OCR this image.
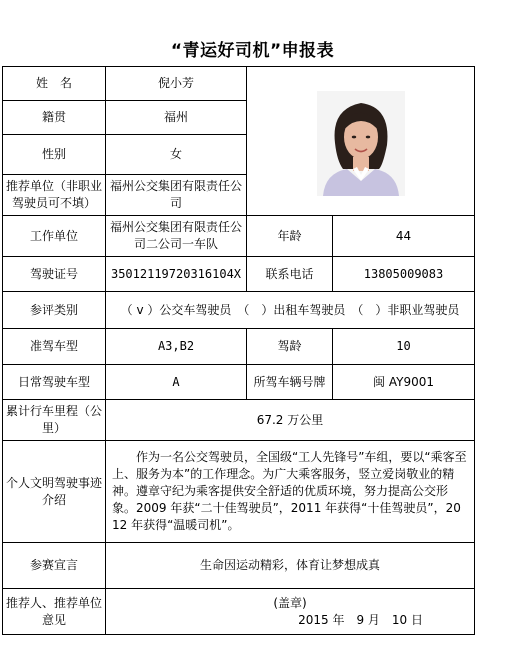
“青运好司机”申报表
姓　名	倪小芳	

籍贯	福州		
性别	女		
推荐单位（非职业驾驶员可不填）	福州公交集团有限责任公司		
工作单位	福州公交集团有限责任公司二公司一车队	年龄	44
驾驶证号	35012119720316104X	联系电话	13805009083
参评类别	（ v ）公交车驾驶员　（　）出租车驾驶员　（　）非职业驾驶员		
准驾车型	A3,B2	驾龄	10
日常驾驶车型	A	所驾车辆号牌	闽 AY9001
累计行车里程（公里）	67.2 万公里		
个人文明驾驶事迹介绍	作为一名公交驾驶员，全国级“工人先锋号”车组，要以“乘客至上、服务为本”的工作理念。为广大乘客服务，竖立爱岗敬业的精神。遵章守纪为乘客提供安全舒适的优质环境，努力提高公交形象。2009 年获“二十佳驾驶员”，2011 年获得“十佳驾驶员”，2012 年获得“温暖司机”。		
参赛宣言	生命因运动精彩，体育让梦想成真		
推荐人、推荐单位意见	(盖章)
2015 年　9 月　10 日		
